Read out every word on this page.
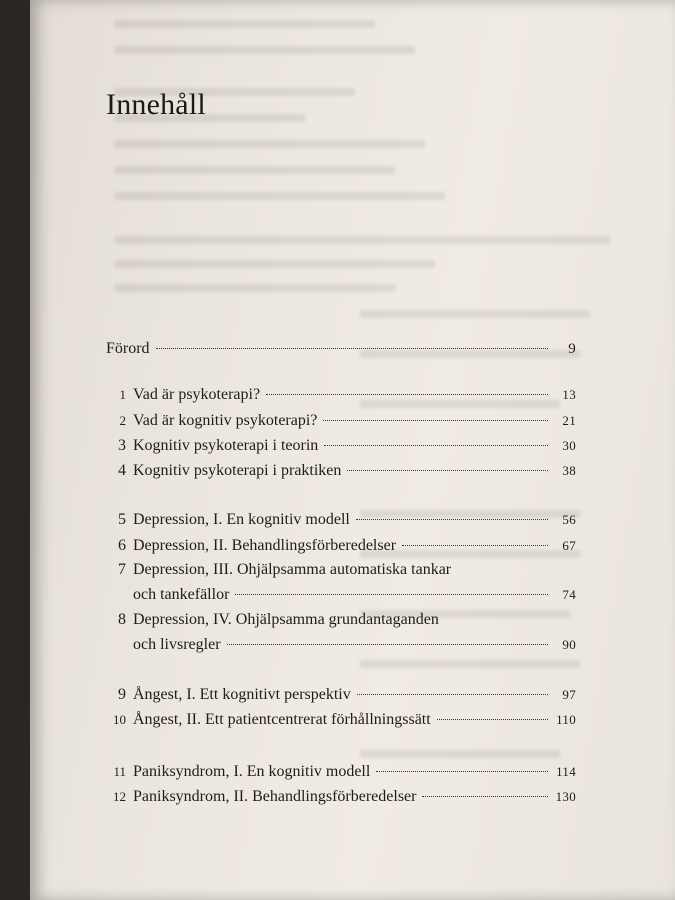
Innehåll
Förord	9
1 Vad är psykoterapi?	13
2 Vad är kognitiv psykoterapi?	21
3 Kognitiv psykoterapi i teorin	30
4 Kognitiv psykoterapi i praktiken	38
5 Depression, I. En kognitiv modell	56
6 Depression, II. Behandlingsförberedelser	67
7 Depression, III. Ohjälpsamma automatiska tankar
och tankefällor	74
8 Depression, IV. Ohjälpsamma grundantaganden
och livsregler	90
9 Ångest, I. Ett kognitivt perspektiv	97
10 Ångest, II. Ett patientcentrerat förhållningssätt	110
11 Paniksyndrom, I. En kognitiv modell	114
12 Paniksyndrom, II. Behandlingsförberedelser	130
